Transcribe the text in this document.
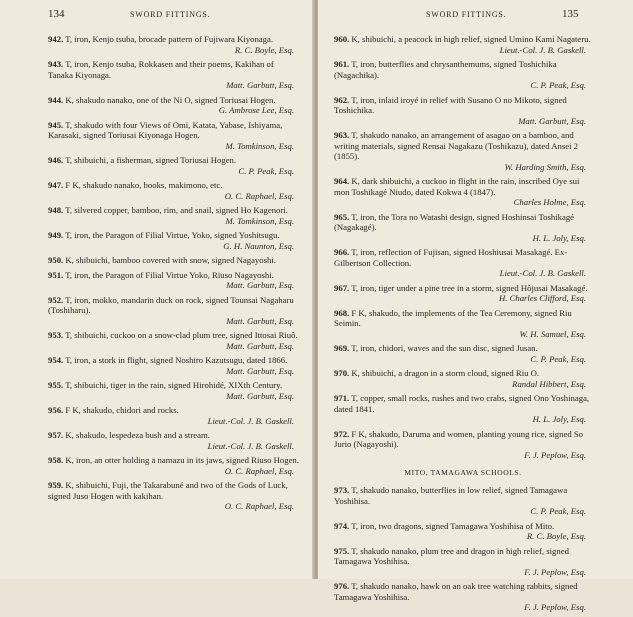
134	SWORD FITTINGS.
942. T, iron, Kenjo tsuba, brocade pattern of Fujiwara Kiyonaga.
R. C. Boyle, Esq.
943. T, iron, Kenjo tsuba, Rokkasen and their poems, Kakihan of Tanaka Kiyonaga.
Matt. Garbutt, Esq.
944. K, shakudo nanako, one of the Ni O, signed Toriusai Hogen.
G. Ambrose Lee, Esq.
945. T, shakudo with four Views of Omi, Katata, Yabase, Ishiyama, Karasaki, signed Toriusai Kiyonaga Hogen.
M. Tomkinson, Esq.
946. T, shibuichi, a fisherman, signed Toriusai Hogen.
C. P. Peak, Esq.
947. F K, shakudo nanako, books, makimono, etc.
O. C. Raphael, Esq.
948. T, silvered copper, bamboo, rim, and snail, signed Ho Kagenori.
M. Tomkinson, Esq.
949. T, iron, the Paragon of Filial Virtue, Yoko, signed Yoshitsugu.
G. H. Naunton, Esq.
950. K, shibuichi, bamboo covered with snow, signed Nagayoshi.
951. T, iron, the Paragon of Filial Virtue Yoko, Riuso Nagayoshi.
Matt. Garbutt, Esq.
952. T, iron, mokko, mandarin duck on rock, signed Tounsai Nagaharu (Toshiharu).
Matt. Garbutt, Esq.
953. T, shibuichi, cuckoo on a snow-clad plum tree, signed Ittosai Riuô.
Matt. Garbutt, Esq.
954. T, iron, a stork in flight, signed Noshiro Kazutsugu, dated 1866.
Matt. Garbutt, Esq.
955. T, shibuichi, tiger in the rain, signed Hirohidé, XIXth Century.
Matt. Garbutt, Esq.
956. F K, shakudo, chidori and rocks.
Lieut.-Col. J. B. Gaskell.
957. K, shakudo, lespedeza bush and a stream.
Lieut.-Col. J. B. Gaskell.
958. K, iron, an otter holding a namazu in its jaws, signed Riuso Hogen.
O. C. Raphael, Esq.
959. K, shibuichi, Fuji, the Takarabuné and two of the Gods of Luck, signed Juso Hogen with kakihan.
O. C. Raphael, Esq.
SWORD FITTINGS.	135
960. K, shibuichi, a peacock in high relief, signed Umino Kami Nagateru.
Lieut.-Col. J. B. Gaskell.
961. T, iron, butterflies and chrysanthemums, signed Toshichika (Nagachika).
C. P. Peak, Esq.
962. T, iron, inlaid iroyé in relief with Susano O no Mikoto, signed Toshichika.
Matt. Garbutt, Esq.
963. T, shakudo nanako, an arrangement of asagao on a bamboo, and writing materials, signed Rensai Nagakazu (Toshikazu), dated Ansei 2 (1855).
W. Harding Smith, Esq.
964. K, dark shibuichi, a cuckoo in flight in the rain, inscribed Oye sui mon Toshikagé Niudo, dated Kokwa 4 (1847).
Charles Holme, Esq.
965. T, iron, the Tora no Watashi design, signed Hoshinsai Toshikagé (Nagakagé).
H. L. Joly, Esq.
966. T, iron, reflection of Fujisan, signed Hoshiusai Masakagé. Ex-Gilbertson Collection.
Lieut.-Col. J. B. Gaskell.
967. T, iron, tiger under a pine tree in a storm, signed Hôjusai Masakagé.
H. Charles Clifford, Esq.
968. F K, shakudo, the implements of the Tea Ceremony, signed Riu Seimin.
W. H. Samuel, Esq.
969. T, iron, chidori, waves and the sun disc, signed Jusan.
C. P. Peak, Esq.
970. K, shibuichi, a dragon in a storm cloud, signed Riu O.
Randal Hibbert, Esq.
971. T, copper, small rocks, rushes and two crabs, signed Ono Yoshinaga, dated 1841.
H. L. Joly, Esq.
972. F K, shakudo, Daruma and women, planting young rice, signed So Jurio (Nagayoshi).
F. J. Peplow, Esq.
MITO, TAMAGAWA SCHOOLS.
973. T, shakudo nanako, butterflies in low relief, signed Tamagawa Yoshihisa.
C. P. Peak, Esq.
974. T, iron, two dragons, signed Tamagawa Yoshihisa of Mito.
R. C. Boyle, Esq.
975. T, shakudo nanako, plum tree and dragon in high relief, signed Tamagawa Yoshihisa.
F. J. Peplow, Esq.
976. T, shakudo nanako, hawk on an oak tree watching rabbits, signed Tamagawa Yoshihisa.
F. J. Peplow, Esq.
